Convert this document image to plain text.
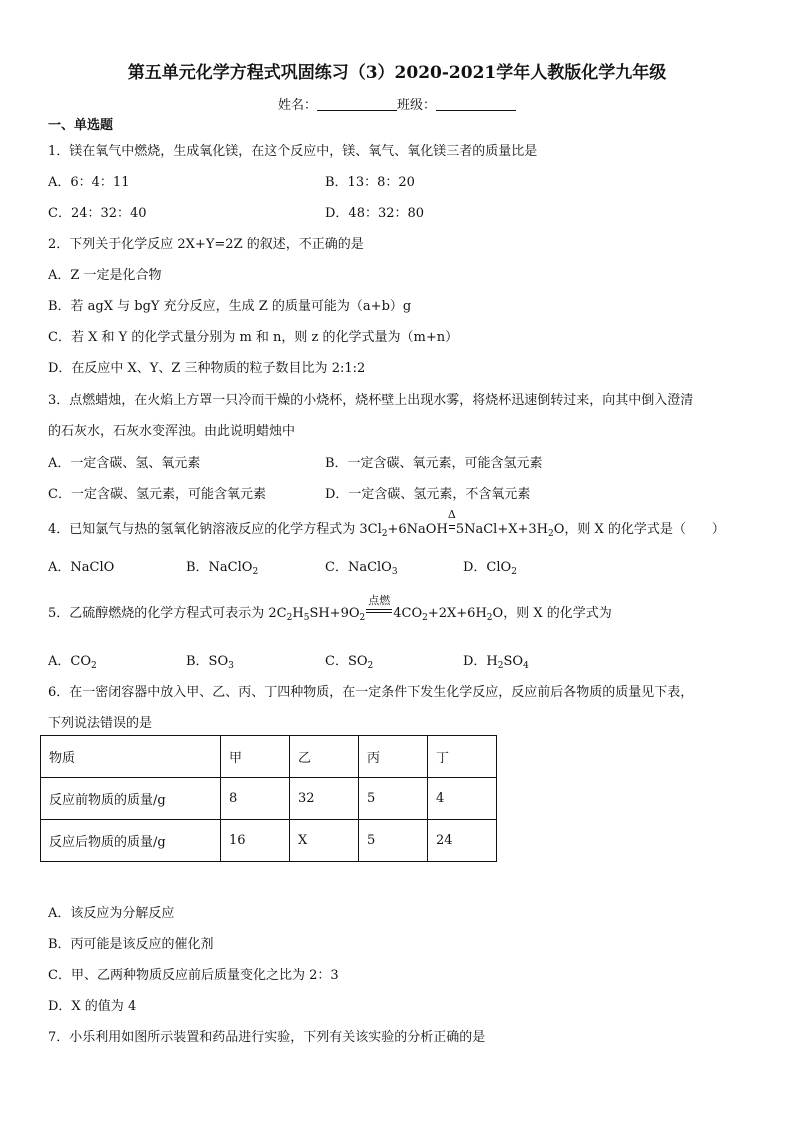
第五单元化学方程式巩固练习（3）2020-2021学年人教版化学九年级
姓名：	班级：
一、单选题
1．镁在氧气中燃烧，生成氧化镁，在这个反应中，镁、氧气、氧化镁三者的质量比是
A．6：4：11	B．13：8：20
C．24：32：40	D．48：32：80
2．下列关于化学反应 2X+Y=2Z 的叙述，不正确的是
A．Z 一定是化合物
B．若 agX 与 bgY 充分反应，生成 Z 的质量可能为（a+b）g
C．若 X 和 Y 的化学式量分别为 m 和 n，则 z 的化学式量为（m+n）
D．在反应中 X、Y、Z 三种物质的粒子数目比为 2:1:2
3．点燃蜡烛，在火焰上方罩一只冷而干燥的小烧杯，烧杯壁上出现水雾，将烧杯迅速倒转过来，向其中倒入澄清
的石灰水，石灰水变浑浊。由此说明蜡烛中
A．一定含碳、氢、氧元素	B．一定含碳、氧元素，可能含氢元素
C．一定含碳、氢元素，可能含氧元素	D．一定含碳、氢元素，不含氧元素
4．已知氯气与热的氢氧化钠溶液反应的化学方程式为 $3Cl_2+6NaOH$
Δ
$5NaCl+X+3H_2O$，则 X 的化学式是（　　）
A．NaClO	B．NaClO$_2$	C．NaClO$_3$	D．ClO$_2$
5．乙硫醇燃烧的化学方程式可表示为 $2C_2H_5SH+9O_2$
点燃
$4CO_2+2X+6H_2O$，则 X 的化学式为
A．$CO_2$	B．$SO_3$	C．$SO_2$	D．$H_2SO_4$
6．在一密闭容器中放入甲、乙、丙、丁四种物质，在一定条件下发生化学反应，反应前后各物质的质量见下表，
下列说法错误的是
物质	甲	乙	丙	丁
反应前物质的质量/g	8	32	5	4
反应后物质的质量/g	16	X	5	24
A．该反应为分解反应
B．丙可能是该反应的催化剂
C．甲、乙两种物质反应前后质量变化之比为 2：3
D．X 的值为 4
7．小乐利用如图所示装置和药品进行实验，下列有关该实验的分析正确的是
